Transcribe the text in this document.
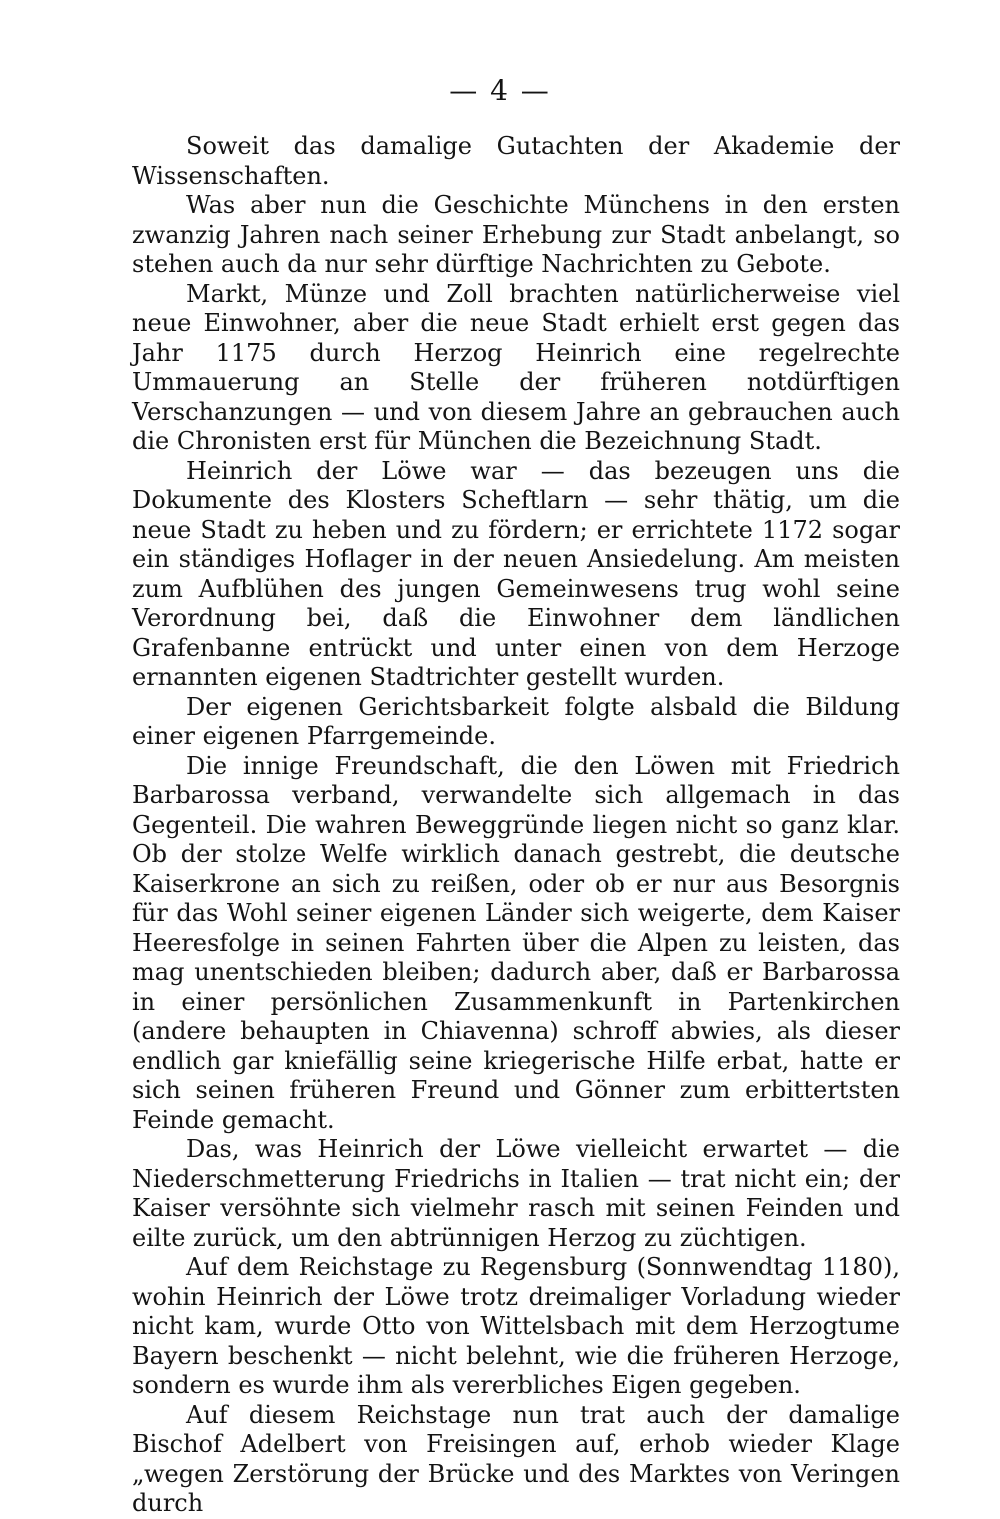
— 4 —

Soweit das damalige Gutachten der Akademie der Wissenschaften.

Was aber nun die Geschichte Münchens in den ersten zwanzig Jahren nach seiner Erhebung zur Stadt anbelangt, so stehen auch da nur sehr dürftige Nachrichten zu Gebote.

Markt, Münze und Zoll brachten natürlicherweise viel neue Einwohner, aber die neue Stadt erhielt erst gegen das Jahr 1175 durch Herzog Heinrich eine regelrechte Ummauerung an Stelle der früheren notdürftigen Verschanzungen — und von diesem Jahre an gebrauchen auch die Chronisten erst für München die Bezeichnung Stadt.

Heinrich der Löwe war — das bezeugen uns die Dokumente des Klosters Scheftlarn — sehr thätig, um die neue Stadt zu heben und zu fördern; er errichtete 1172 sogar ein ständiges Hoflager in der neuen Ansiedelung. Am meisten zum Aufblühen des jungen Gemeinwesens trug wohl seine Verordnung bei, daß die Einwohner dem ländlichen Grafenbanne entrückt und unter einen von dem Herzoge ernannten eigenen Stadtrichter gestellt wurden.

Der eigenen Gerichtsbarkeit folgte alsbald die Bildung einer eigenen Pfarrgemeinde.

Die innige Freundschaft, die den Löwen mit Friedrich Barbarossa verband, verwandelte sich allgemach in das Gegenteil. Die wahren Beweggründe liegen nicht so ganz klar. Ob der stolze Welfe wirklich danach gestrebt, die deutsche Kaiserkrone an sich zu reißen, oder ob er nur aus Besorgnis für das Wohl seiner eigenen Länder sich weigerte, dem Kaiser Heeresfolge in seinen Fahrten über die Alpen zu leisten, das mag unentschieden bleiben; dadurch aber, daß er Barbarossa in einer persönlichen Zusammenkunft in Partenkirchen (andere behaupten in Chiavenna) schroff abwies, als dieser endlich gar kniefällig seine kriegerische Hilfe erbat, hatte er sich seinen früheren Freund und Gönner zum erbittertsten Feinde gemacht.

Das, was Heinrich der Löwe vielleicht erwartet — die Niederschmetterung Friedrichs in Italien — trat nicht ein; der Kaiser versöhnte sich vielmehr rasch mit seinen Feinden und eilte zurück, um den abtrünnigen Herzog zu züchtigen.

Auf dem Reichstage zu Regensburg (Sonnwendtag 1180), wohin Heinrich der Löwe trotz dreimaliger Vorladung wieder nicht kam, wurde Otto von Wittelsbach mit dem Herzogtume Bayern beschenkt — nicht belehnt, wie die früheren Herzoge, sondern es wurde ihm als vererbliches Eigen gegeben.

Auf diesem Reichstage nun trat auch der damalige Bischof Adelbert von Freisingen auf, erhob wieder Klage „wegen Zerstörung der Brücke und des Marktes von Veringen durch
